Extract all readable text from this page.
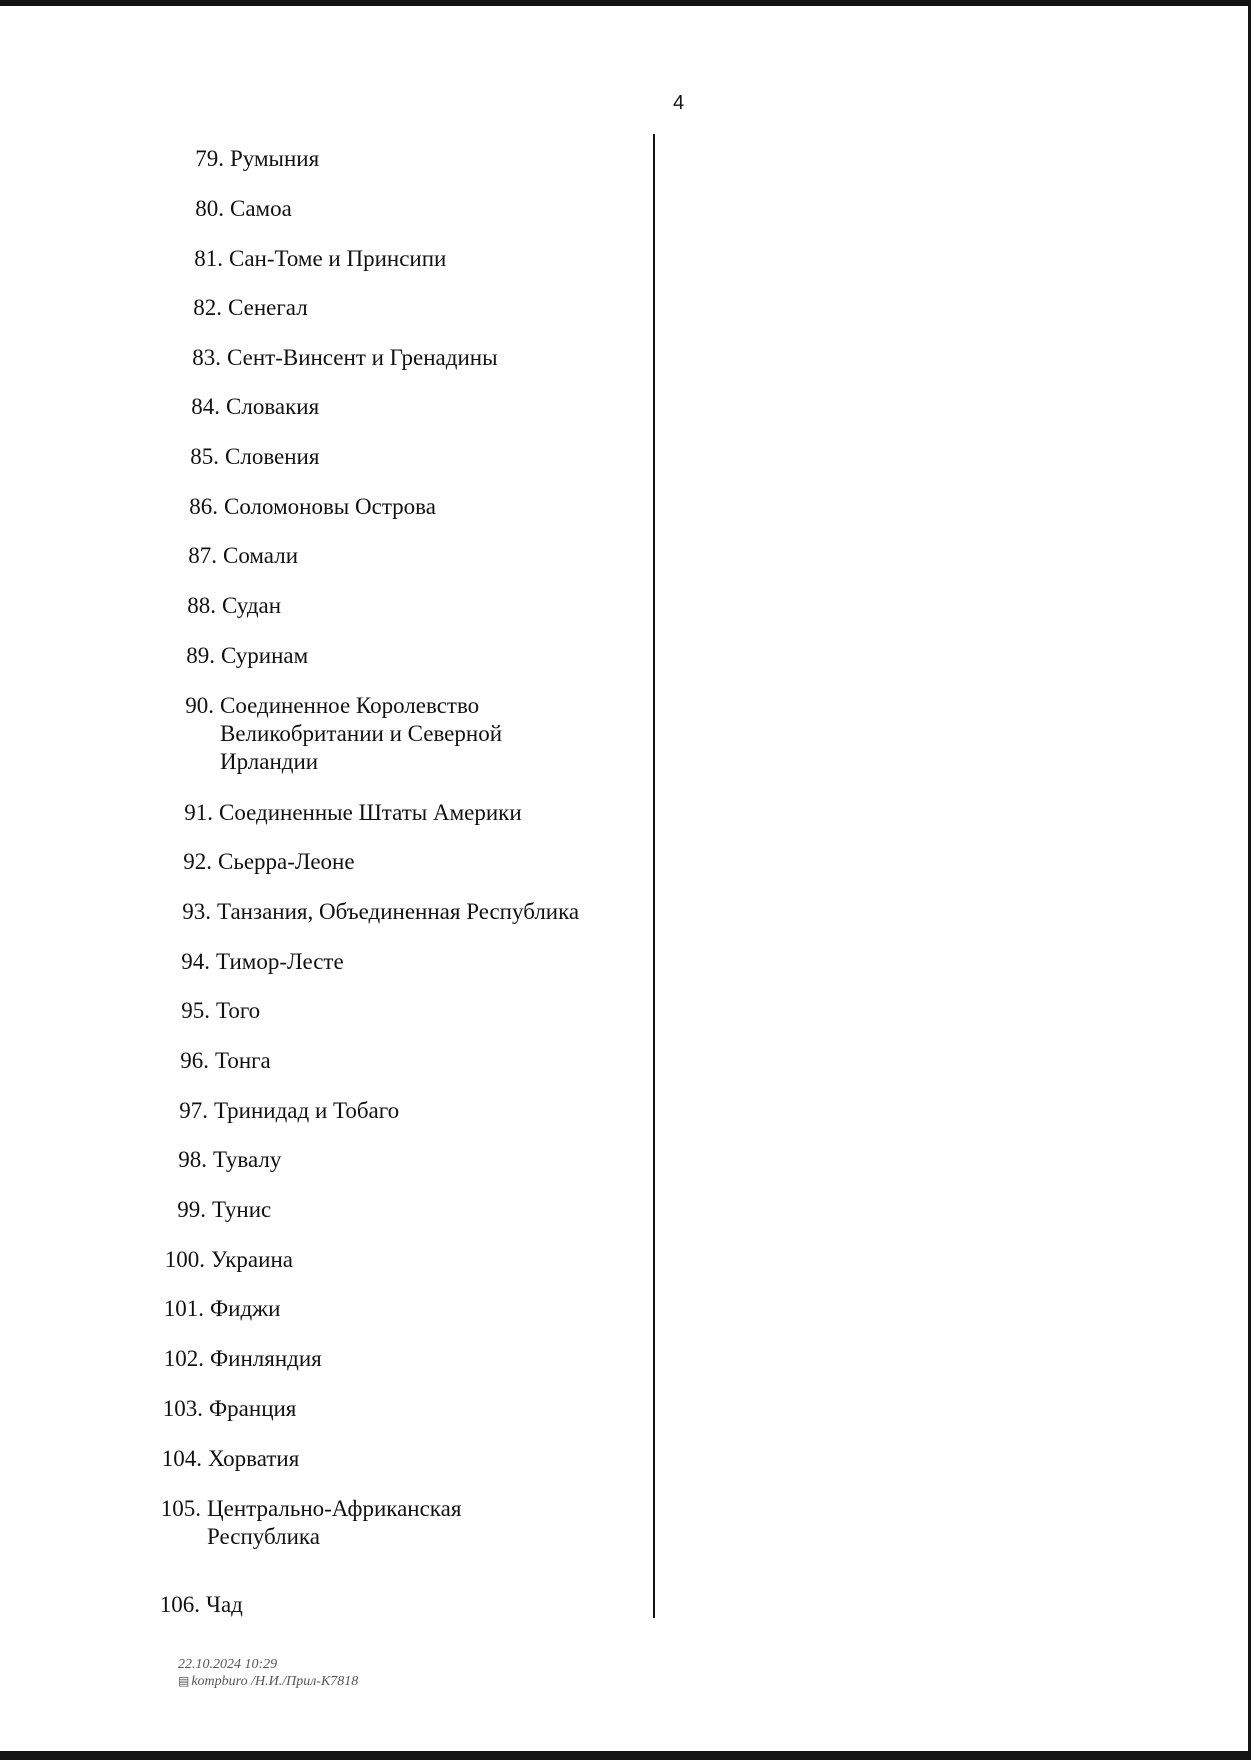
4
79. Румыния
80. Самоа
81. Сан-Томе и Принсипи
82. Сенегал
83. Сент-Винсент и Гренадины
84. Словакия
85. Словения
86. Соломоновы Острова
87. Сомали
88. Судан
89. Суринам
90. Соединенное Королевство
Великобритании и Северной
Ирландии
91. Соединенные Штаты Америки
92. Сьерра-Леоне
93. Танзания, Объединенная Республика
94. Тимор-Лесте
95. Того
96. Тонга
97. Тринидад и Тобаго
98. Тувалу
99. Тунис
100. Украина
101. Фиджи
102. Финляндия
103. Франция
104. Хорватия
105. Центрально-Африканская
Республика
106. Чад
22.10.2024 10:29
▤ kompburo /Н.И./Прил-К7818
